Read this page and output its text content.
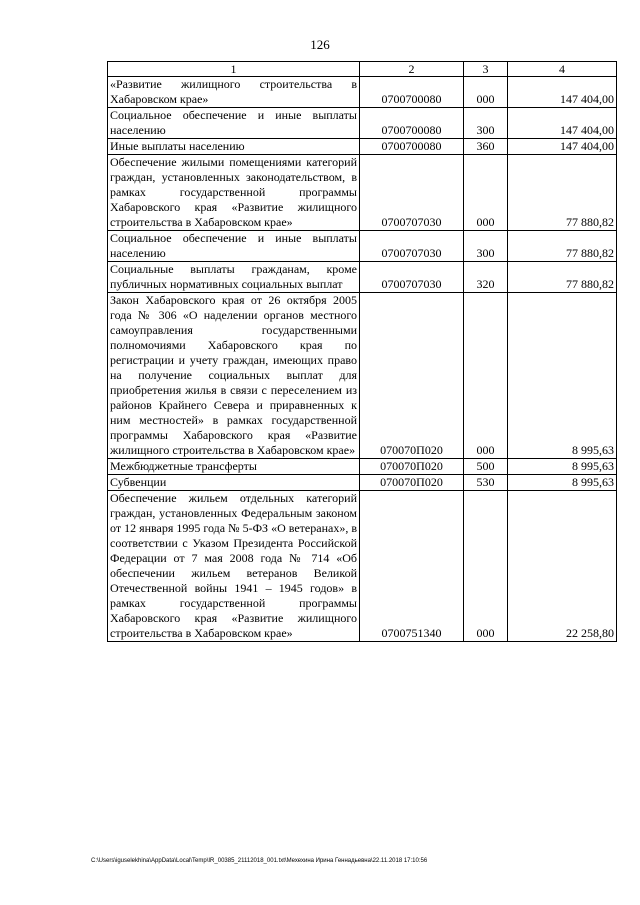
126
1	2	3	4
«Развитие жилищного строительства в Хабаровском крае»	0700700080	000	147 404,00
Социальное обеспечение и иные выплаты населению	0700700080	300	147 404,00
Иные выплаты населению	0700700080	360	147 404,00
Обеспечение жилыми помещениями категорий граждан, установленных законодательством, в рамках государственной программы Хабаровского края «Развитие жилищного строительства в Хабаровском крае»	0700707030	000	77 880,82
Социальное обеспечение и иные выплаты населению	0700707030	300	77 880,82
Социальные выплаты гражданам, кроме публичных нормативных социальных выплат	0700707030	320	77 880,82
Закон Хабаровского края от 26 октября 2005 года № 306 «О наделении органов местного самоуправления государственными полномочиями Хабаровского края по регистрации и учету граждан, имеющих право на получение социальных выплат для приобретения жилья в связи с переселением из районов Крайнего Севера и приравненных к ним местностей» в рамках государственной программы Хабаровского края «Развитие жилищного строительства в Хабаровском крае»	070070П020	000	8 995,63
Межбюджетные трансферты	070070П020	500	8 995,63
Субвенции	070070П020	530	8 995,63
Обеспечение жильем отдельных категорий граждан, установленных Федеральным законом от 12 января 1995 года № 5-ФЗ «О ветеранах», в соответствии с Указом Президента Российской Федерации от 7 мая 2008 года № 714 «Об обеспечении жильем ветеранов Великой Отечественной войны 1941 – 1945 годов» в рамках государственной программы Хабаровского края «Развитие жилищного строительства в Хабаровском крае»	0700751340	000	22 258,80
C:\Users\iguselekhina\AppData\Local\Temp\IR_00385_21112018_001.txt\Мехехина Ирина Геннадьевна\22.11.2018 17:10:56
